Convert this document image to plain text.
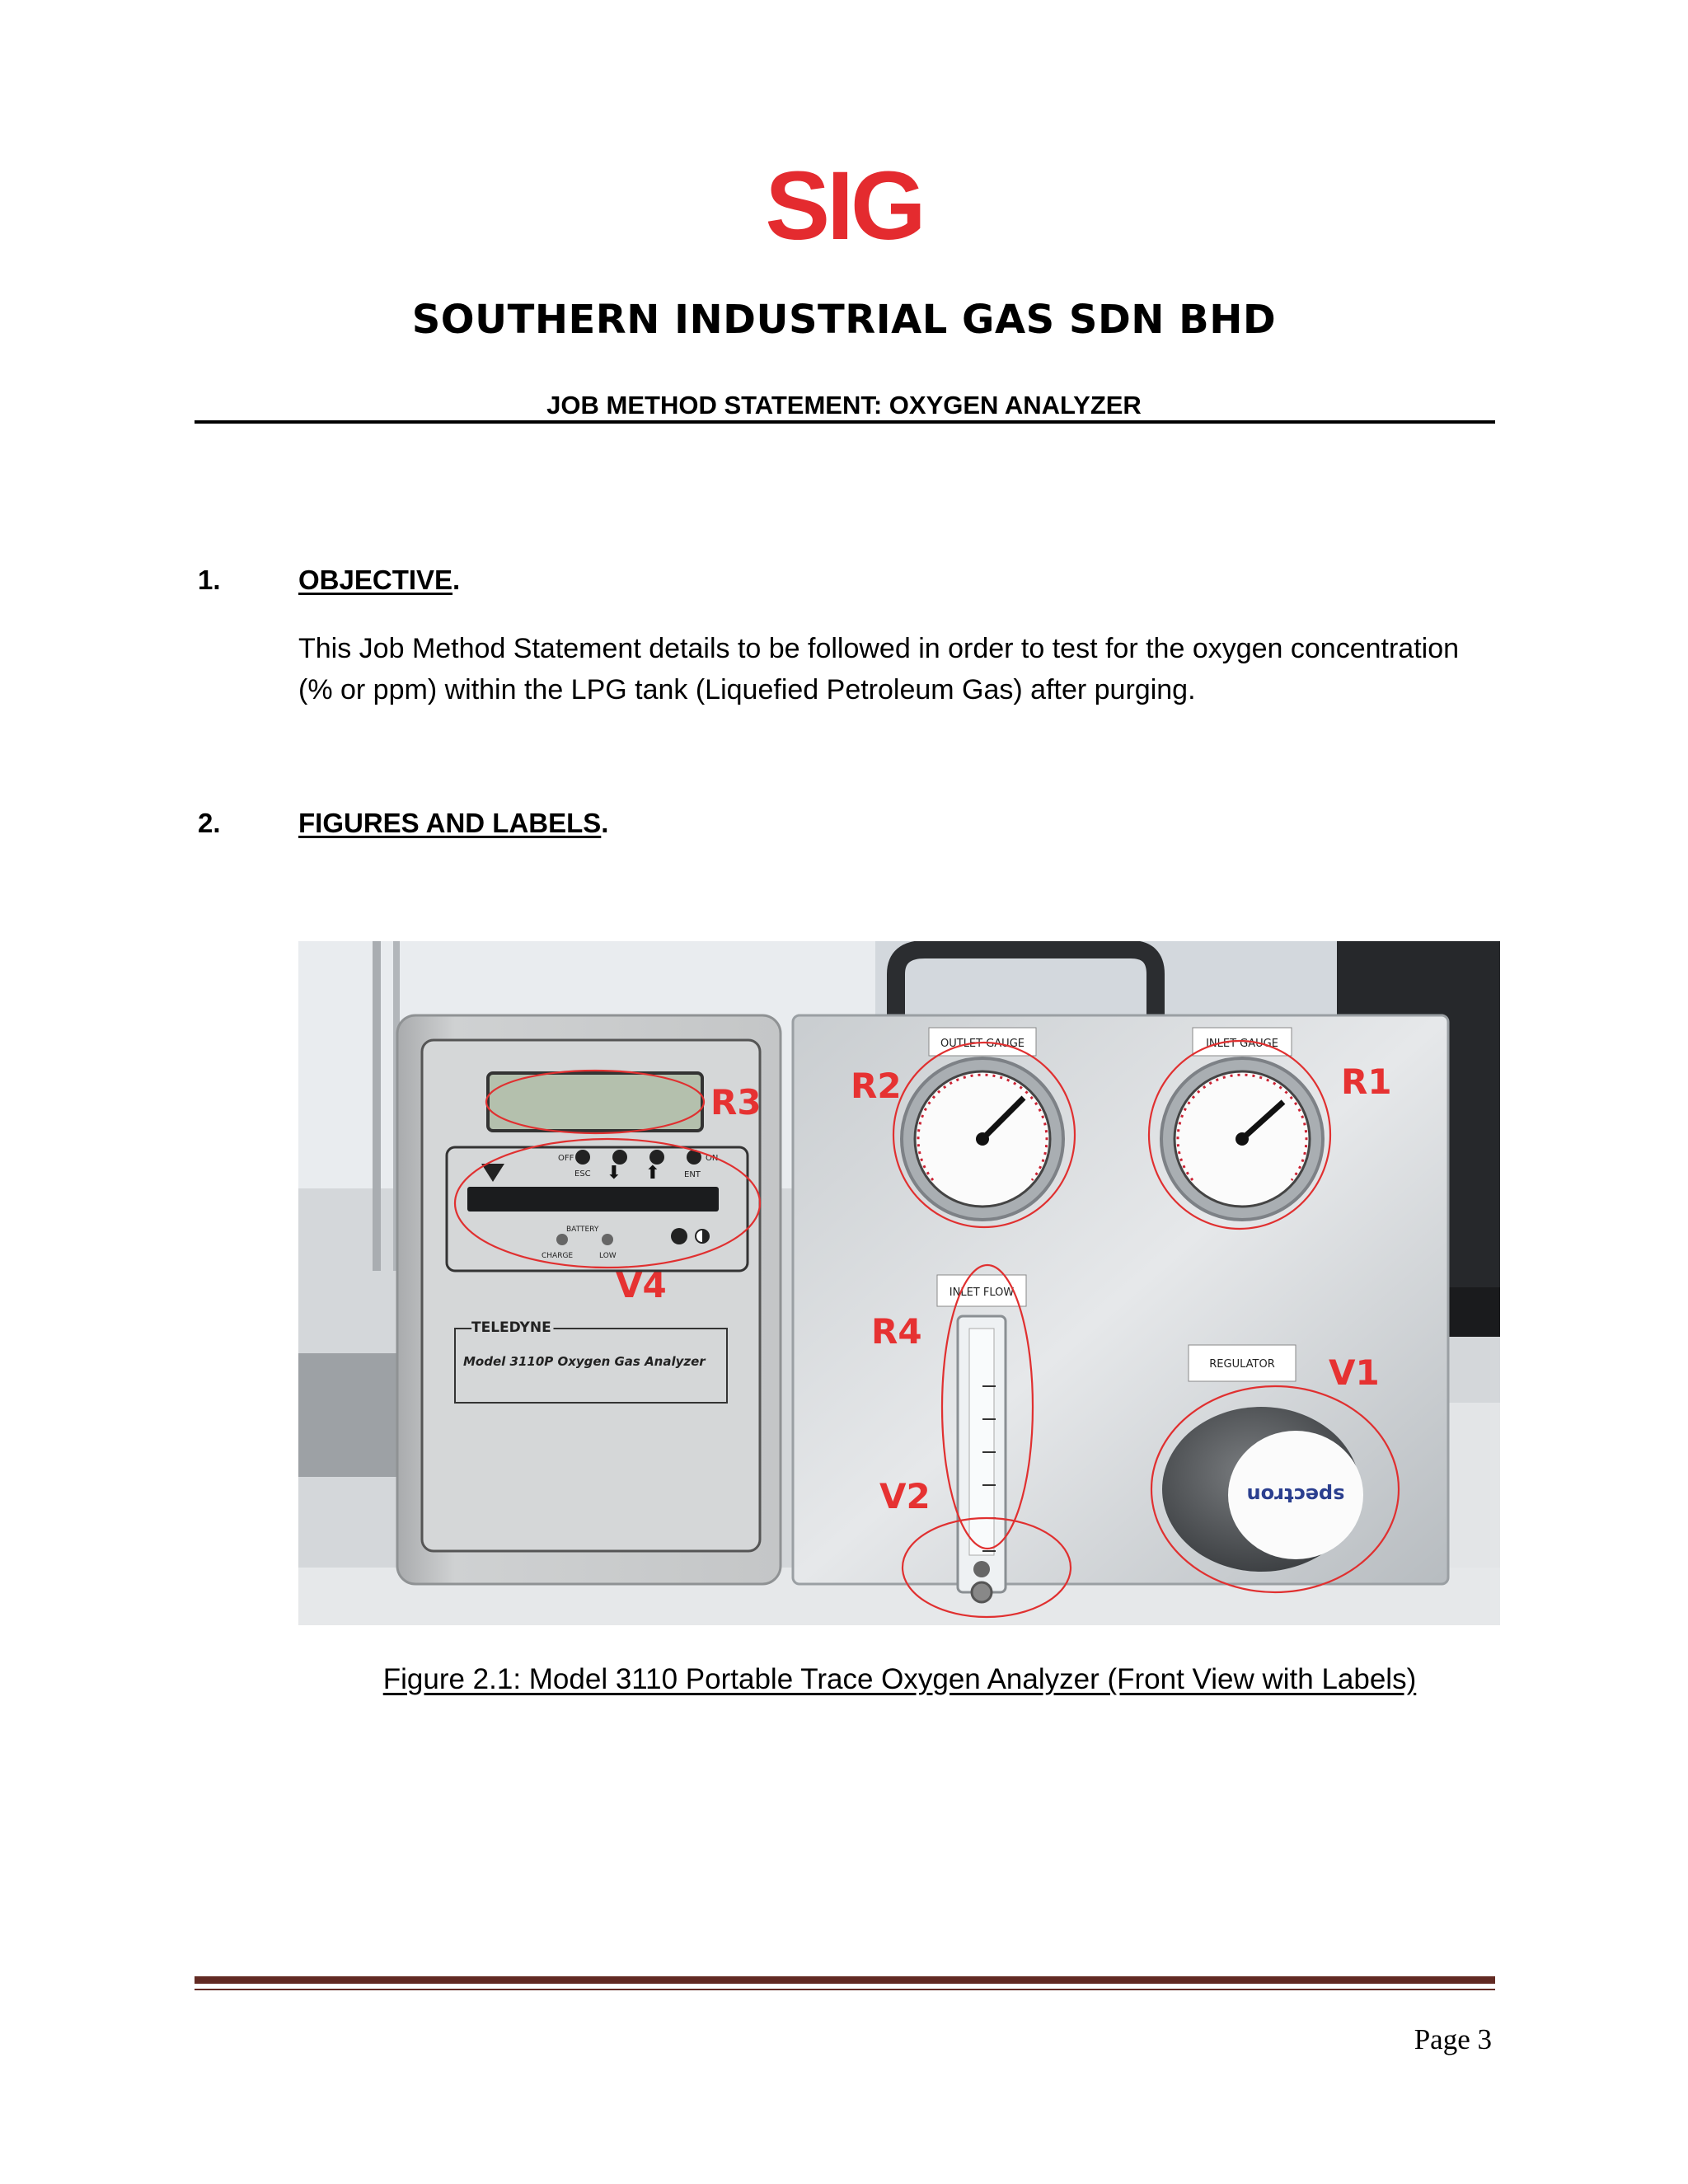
SIG
SOUTHERN INDUSTRIAL GAS SDN BHD
JOB METHOD STATEMENT: OXYGEN ANALYZER
1.	OBJECTIVE.
This Job Method Statement details to be followed in order to test for the oxygen concentration (% or ppm) within the LPG tank (Liquefied Petroleum Gas) after purging.
2.	FIGURES AND LABELS.
OFF
ESC
ON
ENT
⬇ ⬆
BATTERY
CHARGE	LOW
TELEDYNE
Model 3110P Oxygen Gas Analyzer
OUTLET GAUGE	INLET GAUGE
INLET FLOW
REGULATOR
spectron
R3
V4
R2	R1
R4
V1
V2
Figure 2.1: Model 3110 Portable Trace Oxygen Analyzer (Front View with Labels)
Page 3
